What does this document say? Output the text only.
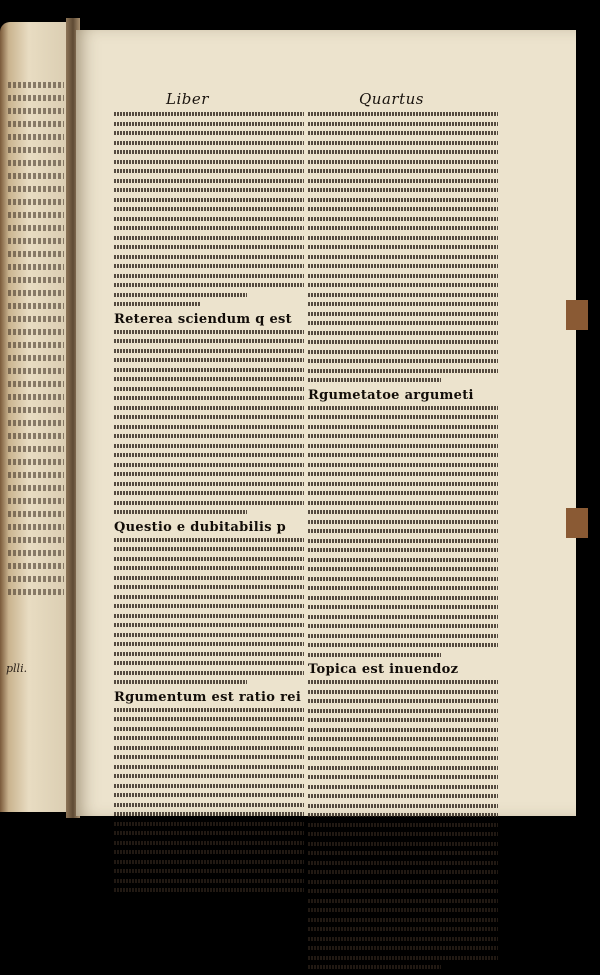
plli.
Liber	Quartus
Reterea sciendum q est
Questio e dubitabilis p
Rgumentum est ratio rei
Rgumetatoe argumeti
Topica est inuendoz
